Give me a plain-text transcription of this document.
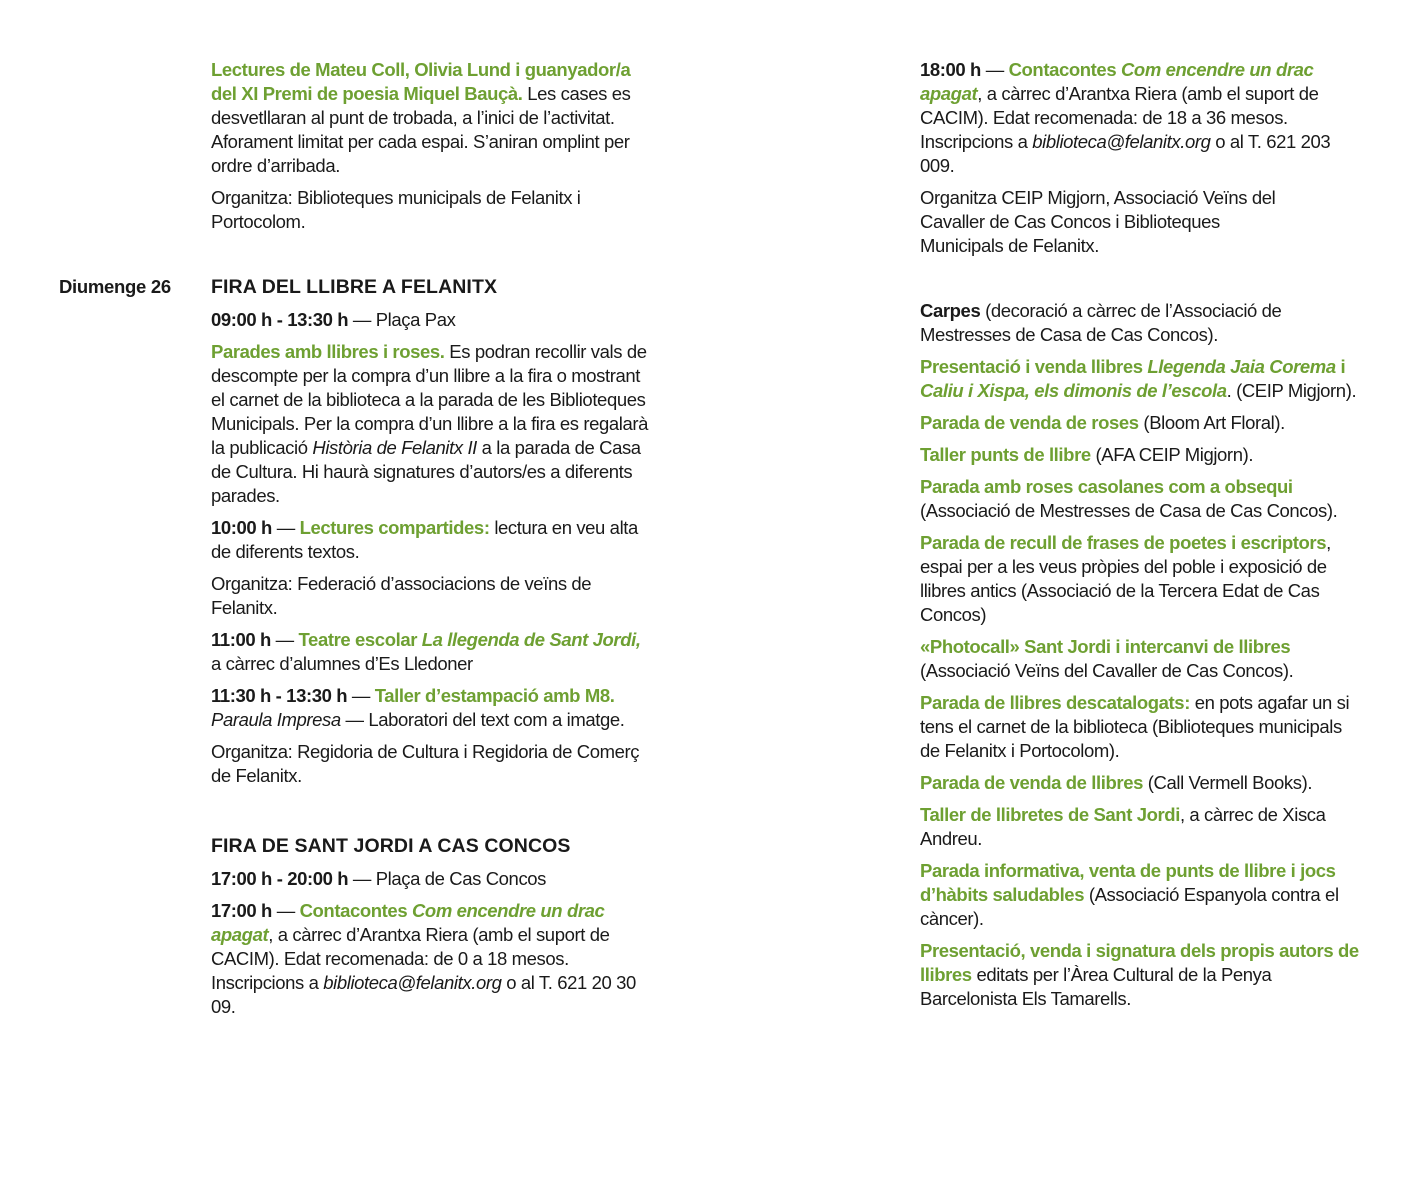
Lectures de Mateu Coll, Olivia Lund i guanyador/a del XI Premi de poesia Miquel Bauçà. Les cases es desvetllaran al punt de trobada, a l’inici de l’activitat. Aforament limitat per cada espai. S’aniran omplint per ordre d’arribada.

Organitza: Biblioteques municipals de Felanitx i Portocolom.

Diumenge 26 FIRA DEL LLIBRE A FELANITX

09:00 h - 13:30 h — Plaça Pax

Parades amb llibres i roses. Es podran recollir vals de descompte per la compra d’un llibre a la fira o mostrant el carnet de la biblioteca a la parada de les Biblioteques Municipals. Per la compra d’un llibre a la fira es regalarà la publicació Història de Felanitx II a la parada de Casa de Cultura. Hi haurà signatures d’autors/es a diferents parades.

10:00 h — Lectures compartides: lectura en veu alta de diferents textos.

Organitza: Federació d’associacions de veïns de Felanitx.

11:00 h — Teatre escolar La llegenda de Sant Jordi, a càrrec d’alumnes d’Es Lledoner

11:30 h - 13:30 h — Taller d’estampació amb M8.
Paraula Impresa — Laboratori del text com a imatge.

Organitza: Regidoria de Cultura i Regidoria de Comerç de Felanitx.

FIRA DE SANT JORDI A CAS CONCOS

17:00 h - 20:00 h — Plaça de Cas Concos

17:00 h — Contacontes Com encendre un drac apagat, a càrrec d’Arantxa Riera (amb el suport de CACIM). Edat recomenada: de 0 a 18 mesos. Inscripcions a biblioteca@felanitx.org o al T. 621 20 30 09.

18:00 h — Contacontes Com encendre un drac apagat, a càrrec d’Arantxa Riera (amb el suport de CACIM). Edat recomenada: de 18 a 36 mesos. Inscripcions a biblioteca@felanitx.org o al T. 621 203 009.

Organitza CEIP Migjorn, Associació Veïns del Cavaller de Cas Concos i Biblioteques Municipals de Felanitx.

Carpes (decoració a càrrec de l’Associació de Mestresses de Casa de Cas Concos).

Presentació i venda llibres Llegenda Jaia Corema i Caliu i Xispa, els dimonis de l’escola. (CEIP Migjorn).

Parada de venda de roses (Bloom Art Floral).

Taller punts de llibre (AFA CEIP Migjorn).

Parada amb roses casolanes com a obsequi (Associació de Mestresses de Casa de Cas Concos).

Parada de recull de frases de poetes i escriptors, espai per a les veus pròpies del poble i exposició de llibres antics (Associació de la Tercera Edat de Cas Concos)

«Photocall» Sant Jordi i intercanvi de llibres (Associació Veïns del Cavaller de Cas Concos).

Parada de llibres descatalogats: en pots agafar un si tens el carnet de la biblioteca (Biblioteques municipals de Felanitx i Portocolom).

Parada de venda de llibres (Call Vermell Books).

Taller de llibretes de Sant Jordi, a càrrec de Xisca Andreu.

Parada informativa, venta de punts de llibre i jocs d’hàbits saludables (Associació Espanyola contra el càncer).

Presentació, venda i signatura dels propis autors de llibres editats per l’Àrea Cultural de la Penya Barcelonista Els Tamarells.
